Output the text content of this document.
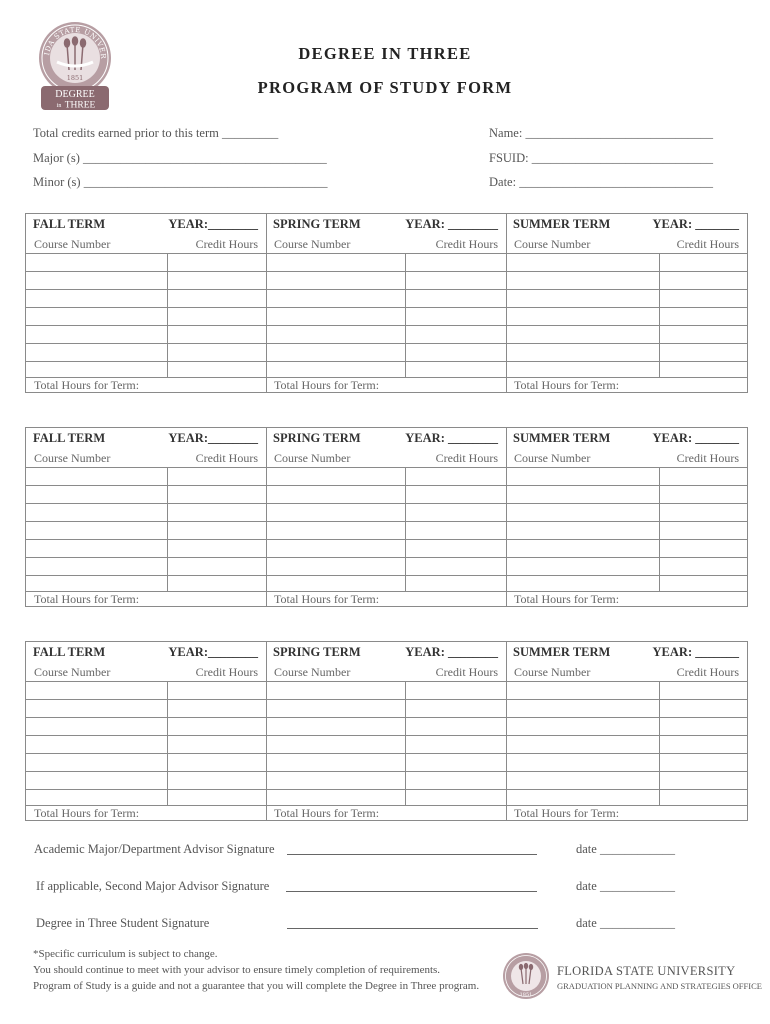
IDA STATE UNIVER
1851
DEGREE
in THREE
DEGREE IN THREE
PROGRAM OF STUDY FORM
Total credits earned prior to this term _________
Major (s) _______________________________________
Minor (s) _______________________________________
Name: ______________________________
FSUID: _____________________________
Date: _______________________________
FALL TERM	YEAR:________
Course Number	Credit Hours
Total Hours for Term:
SPRING TERM	YEAR: ________
Course Number	Credit Hours
Total Hours for Term:
SUMMER TERM	YEAR: _______
Course Number	Credit Hours
Total Hours for Term:
FALL TERM	YEAR:________
Course Number	Credit Hours
Total Hours for Term:
SPRING TERM	YEAR: ________
Course Number	Credit Hours
Total Hours for Term:
SUMMER TERM	YEAR: _______
Course Number	Credit Hours
Total Hours for Term:
FALL TERM	YEAR:________
Course Number	Credit Hours
Total Hours for Term:
SPRING TERM	YEAR: ________
Course Number	Credit Hours
Total Hours for Term:
SUMMER TERM	YEAR: _______
Course Number	Credit Hours
Total Hours for Term:
Academic Major/Department Advisor Signature	date ____________
If applicable, Second Major Advisor Signature	date ____________
Degree in Three Student Signature	date ____________
*Specific curriculum is subject to change.
You should continue to meet with your advisor to ensure timely completion of requirements.
Program of Study is a guide and not a guarantee that you will complete the Degree in Three program.
1851
FLORIDA STATE UNIVERSITY
GRADUATION PLANNING AND STRATEGIES OFFICE
